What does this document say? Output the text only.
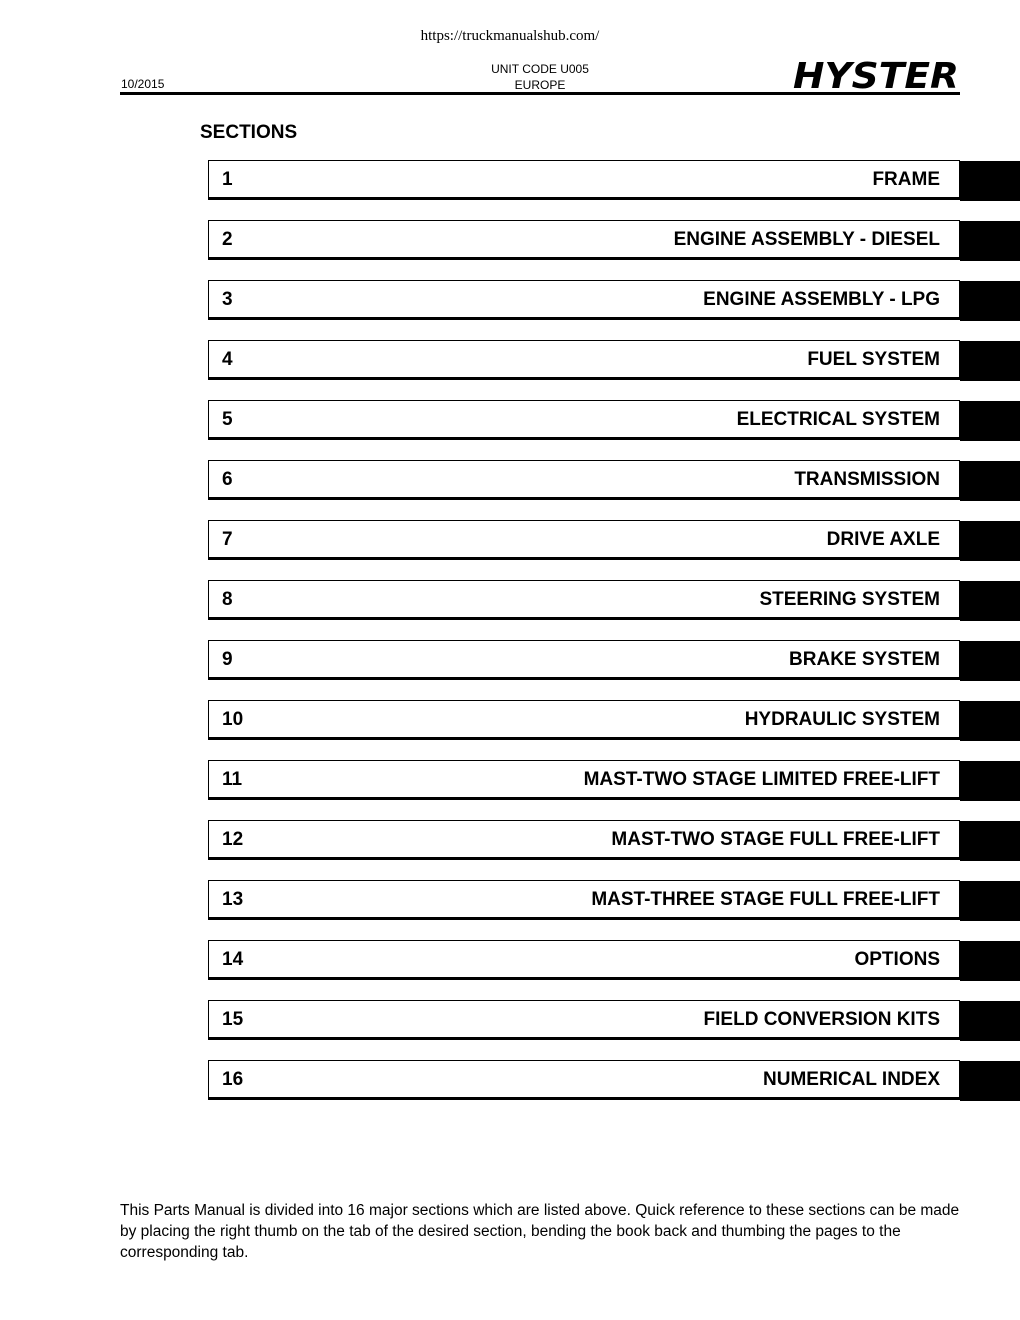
https://truckmanualshub.com/
10/2015
UNIT CODE U005
EUROPE	HYSTER
SECTIONS
1	FRAME
2	ENGINE ASSEMBLY - DIESEL
3	ENGINE ASSEMBLY - LPG
4	FUEL SYSTEM
5	ELECTRICAL SYSTEM
6	TRANSMISSION
7	DRIVE AXLE
8	STEERING SYSTEM
9	BRAKE SYSTEM
10	HYDRAULIC SYSTEM
11	MAST-TWO STAGE LIMITED FREE-LIFT
12	MAST-TWO STAGE FULL FREE-LIFT
13	MAST-THREE STAGE FULL FREE-LIFT
14	OPTIONS
15	FIELD CONVERSION KITS
16	NUMERICAL INDEX
This Parts Manual is divided into 16 major sections which are listed above. Quick reference to these sections can be made by placing the right thumb on the tab of the desired section, bending the book back and thumbing the pages to the corresponding tab.
